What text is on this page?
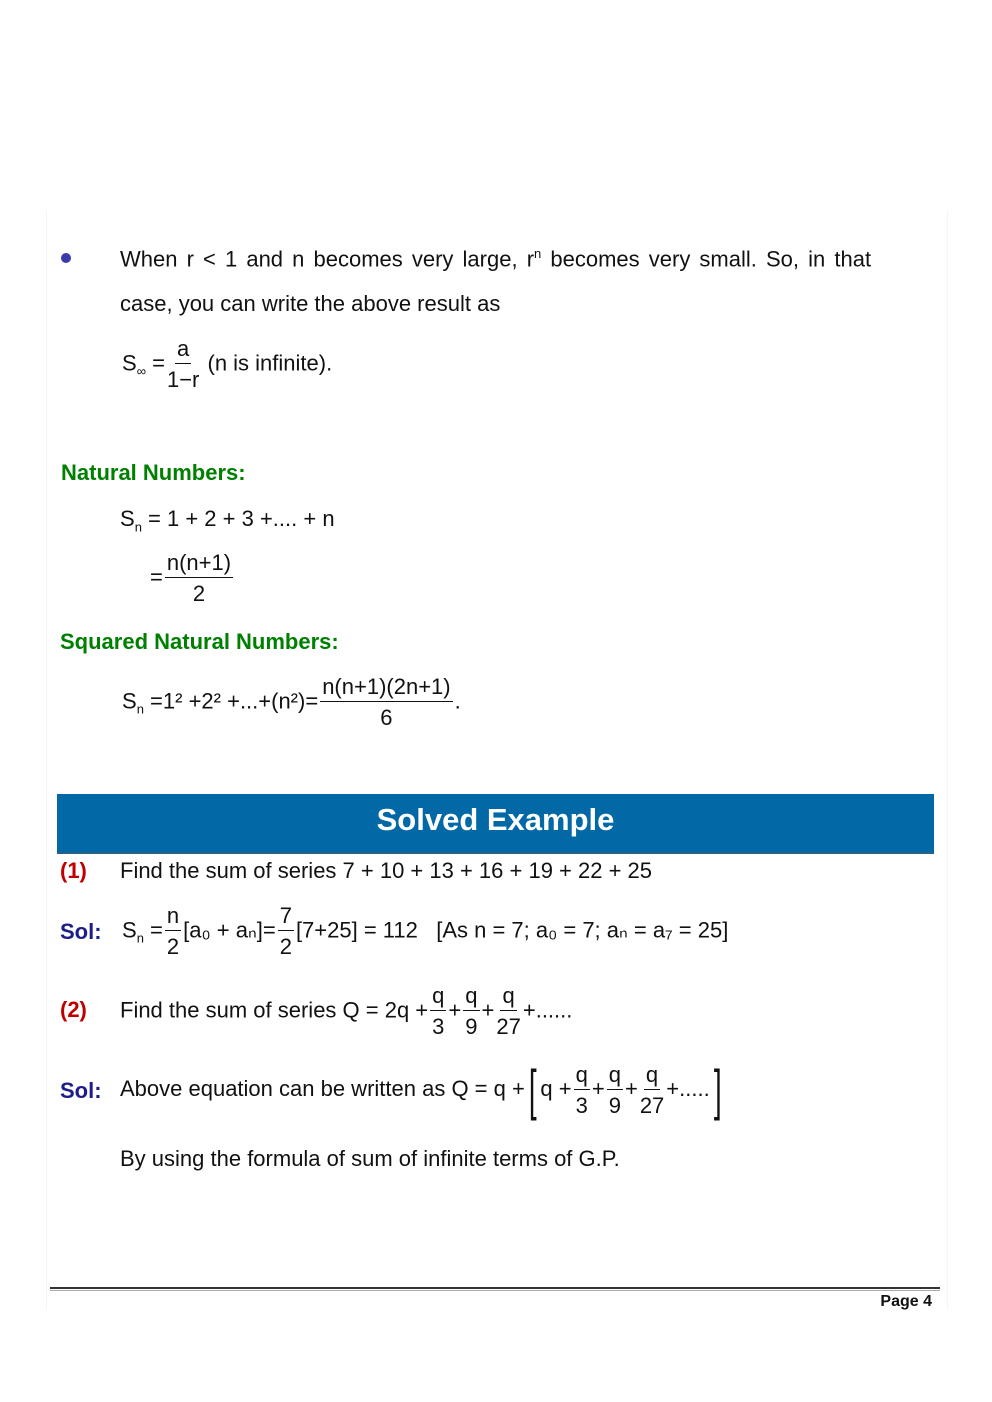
When r < 1 and n becomes very large, $r^n$ becomes very small. So, in that
case, you can write the above result as
$S_\infty = \frac{a}{1-r} (n$ is infinite).
Natural Numbers:
$S_n = 1 + 2 + 3$ +.... + n
= $\frac{n(n+1)}{2}$
Squared Natural Numbers:
$S_n =1^2 +2^2 +...+(n^2)= \frac{n(n+1)(2n+1)}{6}$ .
Solved Example
(1) Find the sum of series 7 + 10 + 13 + 16 + 19 + 22 + 25
Sol: $S_n = \frac{n}{2} [a_0 + a_n]= \frac{7}{2} [7+25] = 112$ [As n = 7; a₀ = 7; aₙ = a₇ = 25]
(2) Find the sum of series $Q = 2q + \frac{q}{3} + \frac{q}{9} + \frac{q}{27}$ +......
Sol: Above equation can be written as Q = q +[ $q + \frac{q}{3} + \frac{q}{9} + \frac{q}{27}$ +.....]
By using the formula of sum of infinite terms of G.P.
Page 4
